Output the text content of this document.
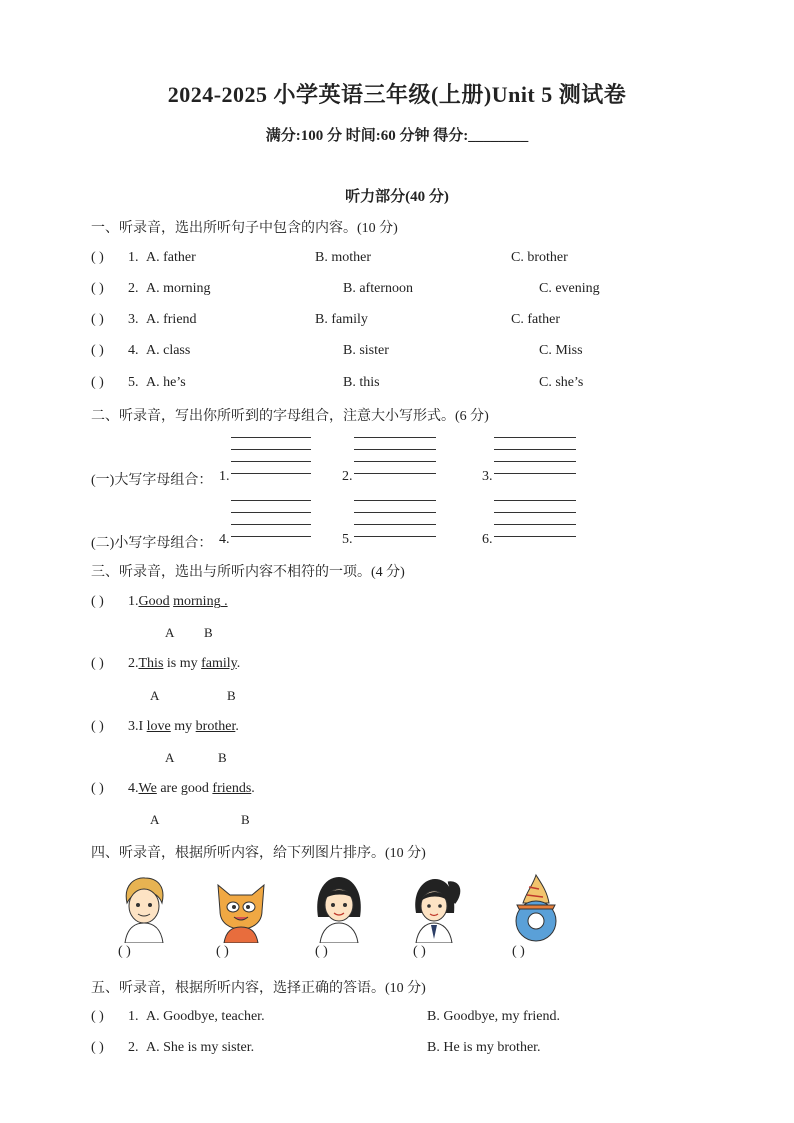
2024-2025 小学英语三年级(上册)Unit 5 测试卷
满分:100 分 时间:60 分钟 得分:________
听力部分(40 分)
一、听录音，选出所听句子中包含的内容。(10 分)
( ) 1. A. father	B. mother	C. brother
( ) 2. A. morning	B. afternoon	C. evening
( ) 3. A. friend	B. family	C. father
( ) 4. A. class	B. sister	C. Miss
( ) 5. A. he’s	B. this	C. she’s
二、听录音，写出你所听到的字母组合，注意大小写形式。(6 分)
(一)大写字母组合： 1.	2.	3.
(二)小写字母组合： 4.	5.	6.
三、听录音，选出与所听内容不相符的一项。(4 分)
( ) 1.Good morning .
A B
( ) 2.This is my family.
A	B
( ) 3.I love my brother.
A	B
( ) 4.We are good friends.
A	B
四、听录音，根据所听内容，给下列图片排序。(10 分)
( )	( )	( )	( )	( )
五、听录音，根据所听内容，选择正确的答语。(10 分)
( ) 1. A. Goodbye, teacher.	B. Goodbye, my friend.
( ) 2. A. She is my sister.	B. He is my brother.
